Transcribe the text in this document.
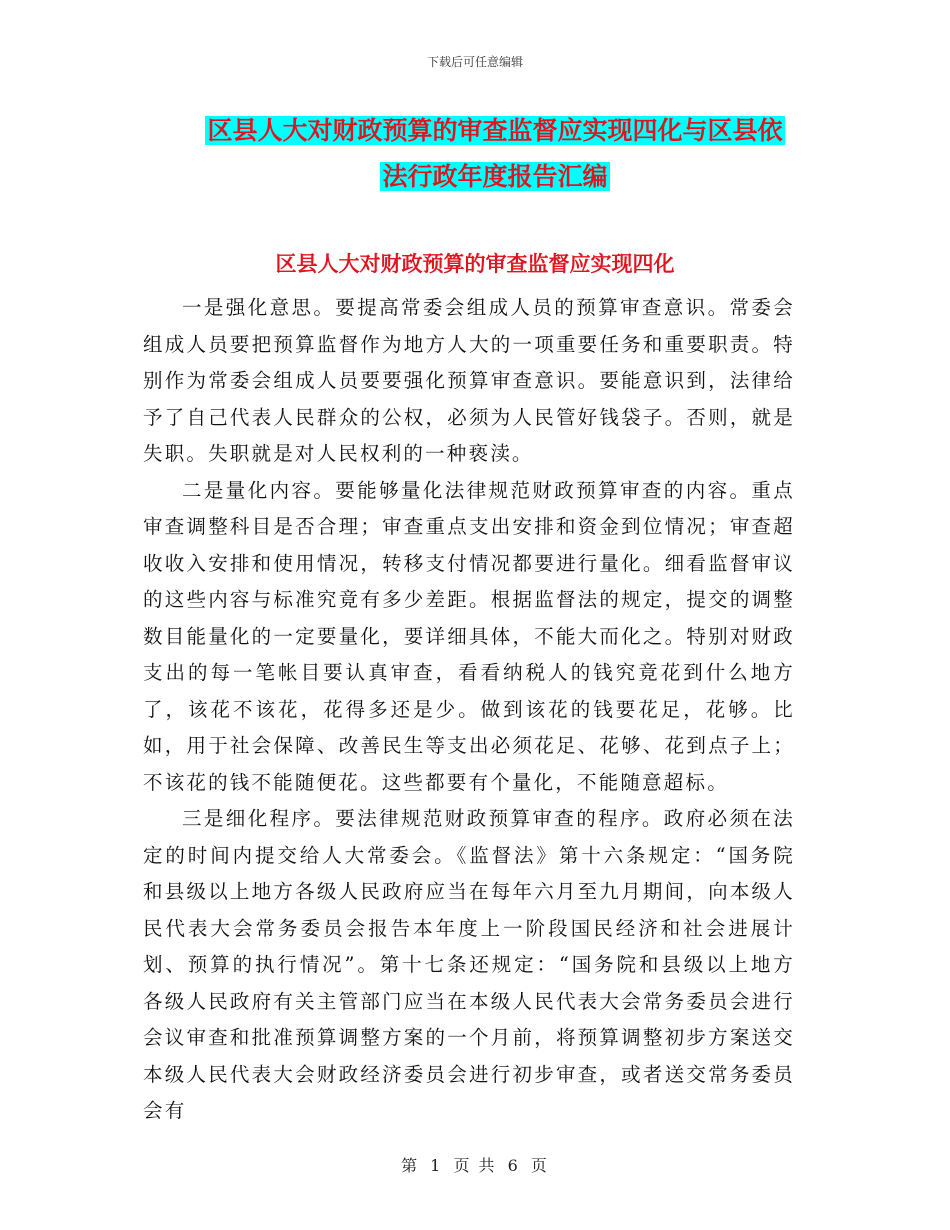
下载后可任意编辑
区县人大对财政预算的审查监督应实现四化与区县依
法行政年度报告汇编
区县人大对财政预算的审查监督应实现四化

一是强化意思。要提高常委会组成人员的预算审查意识。常委会组成人员要把预算监督作为地方人大的一项重要任务和重要职责。特别作为常委会组成人员要要强化预算审查意识。要能意识到，法律给予了自己代表人民群众的公权，必须为人民管好钱袋子。否则，就是失职。失职就是对人民权利的一种亵渎。

二是量化内容。要能够量化法律规范财政预算审查的内容。重点审查调整科目是否合理；审查重点支出安排和资金到位情况；审查超收收入安排和使用情况，转移支付情况都要进行量化。细看监督审议的这些内容与标准究竟有多少差距。根据监督法的规定，提交的调整数目能量化的一定要量化，要详细具体，不能大而化之。特别对财政支出的每一笔帐目要认真审查，看看纳税人的钱究竟花到什么地方了，该花不该花，花得多还是少。做到该花的钱要花足，花够。比如，用于社会保障、改善民生等支出必须花足、花够、花到点子上；不该花的钱不能随便花。这些都要有个量化，不能随意超标。

三是细化程序。要法律规范财政预算审查的程序。政府必须在法定的时间内提交给人大常委会。《监督法》第十六条规定：“国务院和县级以上地方各级人民政府应当在每年六月至九月期间，向本级人民代表大会常务委员会报告本年度上一阶段国民经济和社会进展计划、预算的执行情况”。第十七条还规定：“国务院和县级以上地方各级人民政府有关主管部门应当在本级人民代表大会常务委员会进行会议审查和批准预算调整方案的一个月前，将预算调整初步方案送交本级人民代表大会财政经济委员会进行初步审查，或者送交常务委员会有

第 1 页 共 6 页
